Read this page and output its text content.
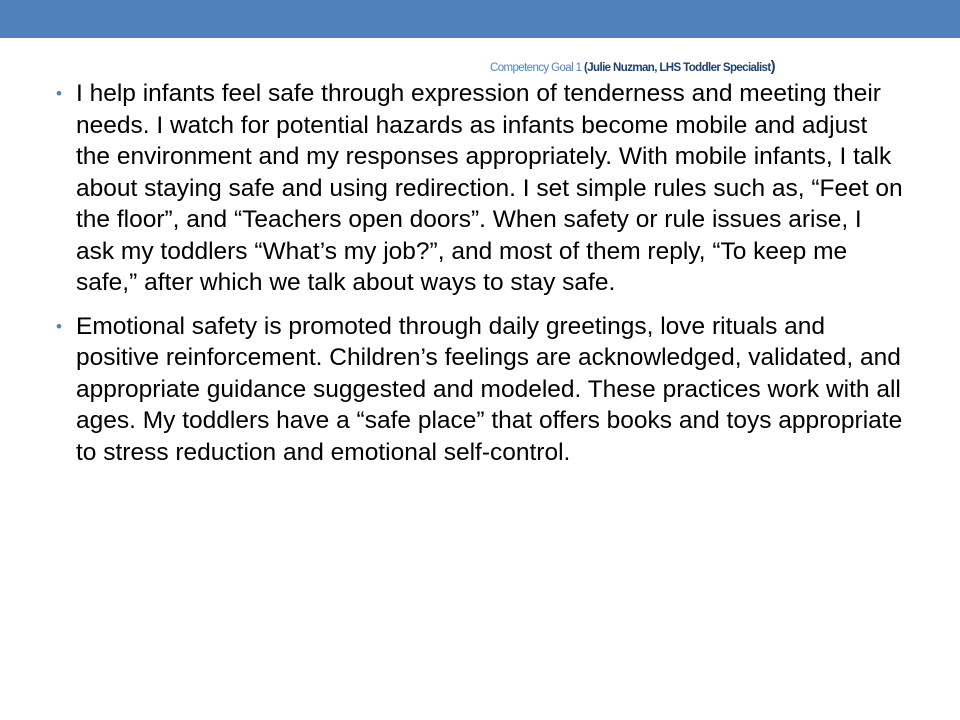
Competency Goal 1 (Julie Nuzman, LHS Toddler Specialist)
• I help infants feel safe through expression of tenderness and meeting their needs. I watch for potential hazards as infants become mobile and adjust the environment and my responses appropriately. With mobile infants, I talk about staying safe and using redirection. I set simple rules such as, “Feet on the floor”, and “Teachers open doors”. When safety or rule issues arise, I ask my toddlers “What’s my job?”, and most of them reply, “To keep me safe,” after which we talk about ways to stay safe.
• Emotional safety is promoted through daily greetings, love rituals and positive reinforcement. Children’s feelings are acknowledged, validated, and appropriate guidance suggested and modeled. These practices work with all ages. My toddlers have a “safe place” that offers books and toys appropriate to stress reduction and emotional self-control.
